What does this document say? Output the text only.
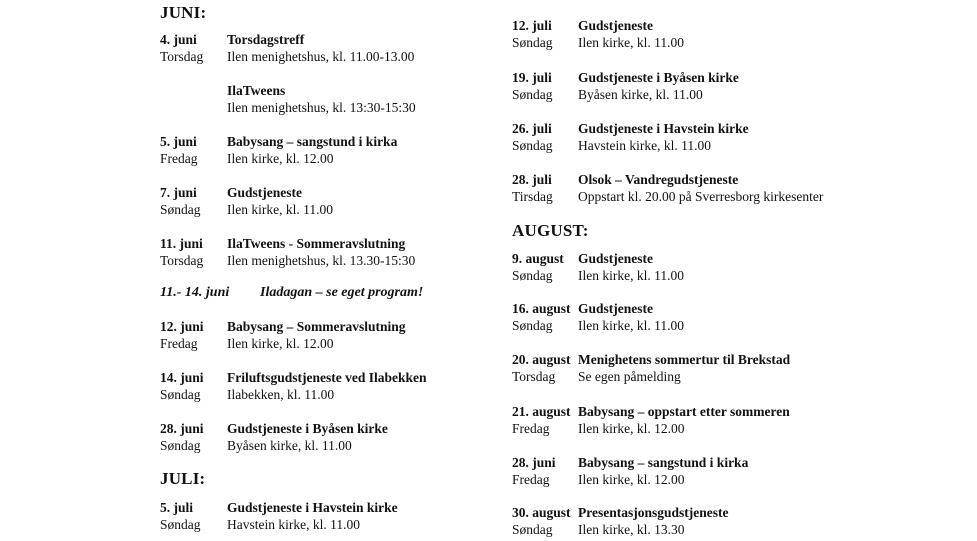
JUNI:
4. juni Torsdagstreff
Torsdag Ilen menighetshus, kl. 11.00-13.00
IlaTweens
Ilen menighetshus, kl. 13:30-15:30
5. juni Babysang – sangstund i kirka
Fredag Ilen kirke, kl. 12.00
7. juni Gudstjeneste
Søndag Ilen kirke, kl. 11.00
11. juni IlaTweens - Sommeravslutning
Torsdag Ilen menighetshus, kl. 13.30-15:30
11.- 14. juni Iladagan – se eget program!
12. juni Babysang – Sommeravslutning
Fredag Ilen kirke, kl. 12.00
14. juni Friluftsgudstjeneste ved Ilabekken
Søndag Ilabekken, kl. 11.00
28. juni Gudstjeneste i Byåsen kirke
Søndag Byåsen kirke, kl. 11.00
JULI:
5. juli	Gudstjeneste i Havstein kirke
Søndag Havstein kirke, kl. 11.00
12. juli Gudstjeneste
Søndag Ilen kirke, kl. 11.00
19. juli Gudstjeneste i Byåsen kirke
Søndag Byåsen kirke, kl. 11.00
26. juli Gudstjeneste i Havstein kirke
Søndag Havstein kirke, kl. 11.00
28. juli Olsok – Vandregudstjeneste
Tirsdag Oppstart kl. 20.00 på Sverresborg kirkesenter
AUGUST:
9. august Gudstjeneste
Søndag Ilen kirke, kl. 11.00
16. august Gudstjeneste
Søndag Ilen kirke, kl. 11.00
20. august Menighetens sommertur til Brekstad
Torsdag Se egen påmelding
21. august Babysang – oppstart etter sommeren
Fredag Ilen kirke, kl. 12.00
28. juni Babysang – sangstund i kirka
Fredag Ilen kirke, kl. 12.00
30. august Presentasjonsgudstjeneste
Søndag Ilen kirke, kl. 13.30
